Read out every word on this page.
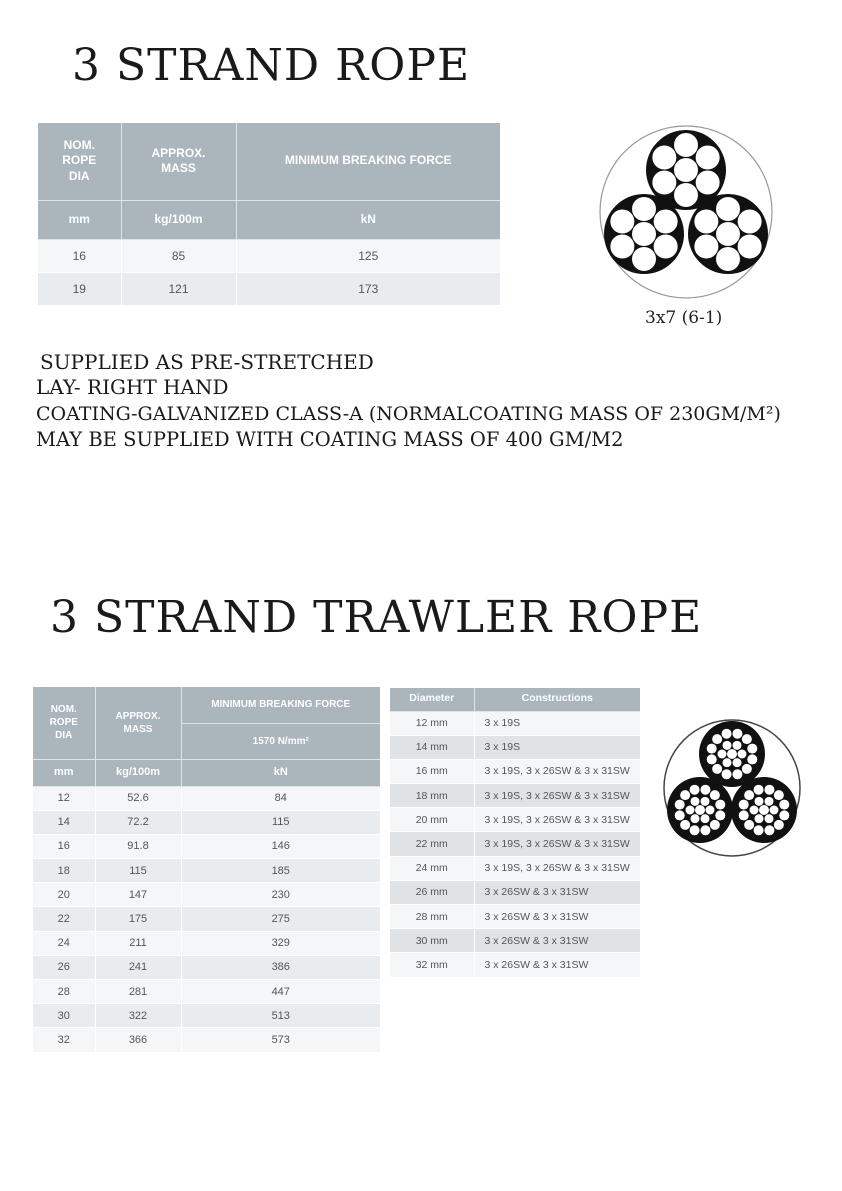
3 STRAND ROPE
NOM. ROPE DIA	APPROX. MASS	MINIMUM BREAKING FORCE
mm	kg/100m	kN
16	85	125
19	121	173
3x7 (6-1)
SUPPLIED AS PRE-STRETCHED
LAY- RIGHT HAND
COATING-GALVANIZED CLASS-A (NORMALCOATING MASS OF 230GM/M²)
MAY BE SUPPLIED WITH COATING MASS OF 400 GM/M2
3 STRAND TRAWLER ROPE
NOM. ROPE DIA	APPROX. MASS	MINIMUM BREAKING FORCE
		1570 N/mm²
mm	kg/100m	kN
12	52.6	84
14	72.2	115
16	91.8	146
18	115	185
20	147	230
22	175	275
24	211	329
26	241	386
28	281	447
30	322	513
32	366	573
Diameter	Constructions
12 mm	3 x 19S
14 mm	3 x 19S
16 mm	3 x 19S, 3 x 26SW & 3 x 31SW
18 mm	3 x 19S, 3 x 26SW & 3 x 31SW
20 mm	3 x 19S, 3 x 26SW & 3 x 31SW
22 mm	3 x 19S, 3 x 26SW & 3 x 31SW
24 mm	3 x 19S, 3 x 26SW & 3 x 31SW
26 mm	3 x 26SW & 3 x 31SW
28 mm	3 x 26SW & 3 x 31SW
30 mm	3 x 26SW & 3 x 31SW
32 mm	3 x 26SW & 3 x 31SW
